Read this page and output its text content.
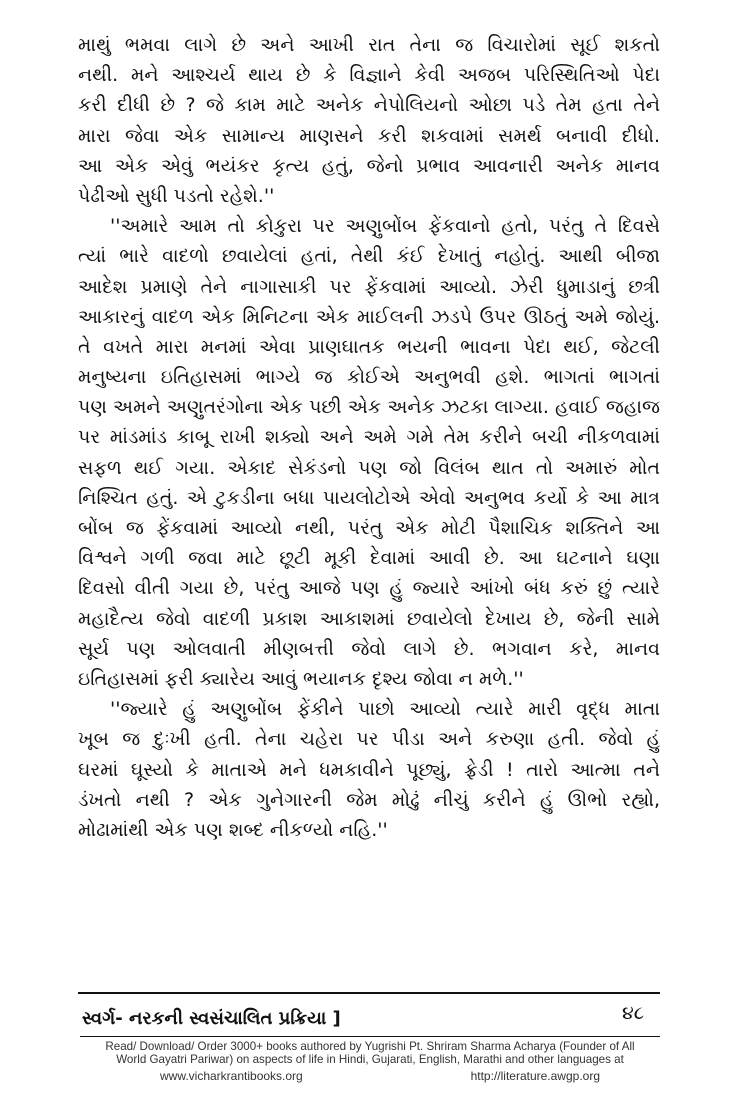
માથું ભમવા લાગે છે અને આખી રાત તેના જ વિચારોમાં સૂઈ શકતો
નથી. મને આશ્ચર્ય થાય છે કે વિજ્ઞાને કેવી અજબ પરિસ્થિતિઓ પેદા
કરી દીધી છે ? જે કામ માટે અનેક નેપોલિયનો ઓછા પડે તેમ હતા તેને
મારા જેવા એક સામાન્ય માણસને કરી શકવામાં સમર્થ બનાવી દીધો.
આ એક એવું ભયંકર કૃત્ય હતું, જેનો પ્રભાવ આવનારી અનેક માનવ
પેઢીઓ સુધી પડતો રહેશે.''
''અમારે આમ તો કોકુરા પર અણુબોંબ ફેંકવાનો હતો, પરંતુ તે દિવસે
ત્યાં ભારે વાદળો છવાયેલાં હતાં, તેથી કંઈ દેખાતું નહોતું. આથી બીજા
આદેશ પ્રમાણે તેને નાગાસાકી પર ફેંકવામાં આવ્યો. ઝેરી ધુમાડાનું છત્રી
આકારનું વાદળ એક મિનિટના એક માઈલની ઝડપે ઉપર ઊઠતું અમે જોયું.
તે વખતે મારા મનમાં એવા પ્રાણઘાતક ભયની ભાવના પેદા થઈ, જેટલી
મનુષ્યના ઇતિહાસમાં ભાગ્યે જ કોઈએ અનુભવી હશે. ભાગતાં ભાગતાં
પણ અમને અણુતરંગોના એક પછી એક અનેક ઝટકા લાગ્યા. હવાઈ જહાજ
પર માંડમાંડ કાબૂ રાખી શક્યો અને અમે ગમે તેમ કરીને બચી નીકળવામાં
સફળ થઈ ગયા. એકાદ સેકંડનો પણ જો વિલંબ થાત તો અમારું મોત
નિશ્ચિત હતું. એ ટુકડીના બધા પાયલોટોએ એવો અનુભવ કર્યો કે આ માત્ર
બોંબ જ ફેંકવામાં આવ્યો નથી, પરંતુ એક મોટી પૈશાચિક શક્તિને આ
વિશ્વને ગળી જવા માટે છૂટી મૂકી દેવામાં આવી છે. આ ઘટનાને ઘણા
દિવસો વીતી ગયા છે, પરંતુ આજે પણ હું જ્યારે આંખો બંધ કરું છું ત્યારે
મહાદૈત્ય જેવો વાદળી પ્રકાશ આકાશમાં છવાયેલો દેખાય છે, જેની સામે
સૂર્ય પણ ઓલવાતી મીણબત્તી જેવો લાગે છે. ભગવાન કરે, માનવ
ઇતિહાસમાં ફરી ક્યારેય આવું ભયાનક દૃશ્ય જોવા ન મળે.''
''જ્યારે હું અણુબોંબ ફેંકીને પાછો આવ્યો ત્યારે મારી વૃદ્ધ માતા
ખૂબ જ દુઃખી હતી. તેના ચહેરા પર પીડા અને કરુણા હતી. જેવો હું
ઘરમાં ઘૂસ્યો કે માતાએ મને ધમકાવીને પૂછ્યું, ફ્રેડી ! તારો આત્મા તને
ડંખતો નથી ? એક ગુનેગારની જેમ મોઢું નીચું કરીને હું ઊભો રહ્યો,
મોઢામાંથી એક પણ શબ્દ નીકળ્યો નહિ.''
સ્વર્ગ- નરકની સ્વસંચાલિત પ્રક્રિયા ]	૪૮
Read/ Download/ Order 3000+ books authored by Yugrishi Pt. Shriram Sharma Acharya (Founder of All
World Gayatri Pariwar) on aspects of life in Hindi, Gujarati, English, Marathi and other languages at
www.vicharkrantibooks.org	http://literature.awgp.org
